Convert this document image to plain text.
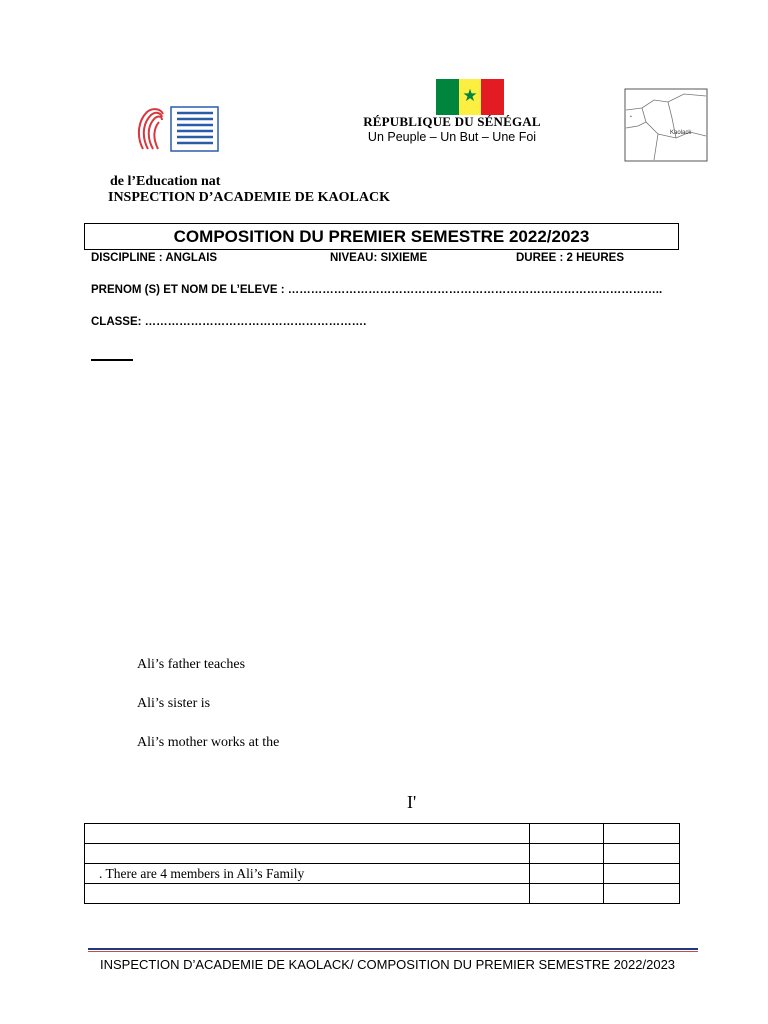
★
RÉPUBLIQUE DU SÉNÉGAL
Un Peuple – Un But – Une Foi
▪
Kaolack
de l’Education nat
INSPECTION D’ACADEMIE DE KAOLACK
COMPOSITION DU PREMIER SEMESTRE 2022/2023
DISCIPLINE : ANGLAIS	NIVEAU: SIXIEME	DUREE : 2 HEURES
PRENOM (S) ET NOM DE L’ELEVE : ……………………………………………………………………………………..
CLASSE: ………………………………………………….
Ali’s father teaches
Ali’s sister is
Ali’s mother works at the
I'

. There are 4 members in Ali’s Family		

INSPECTION D’ACADEMIE DE KAOLACK/ COMPOSITION DU PREMIER SEMESTRE 2022/2023
